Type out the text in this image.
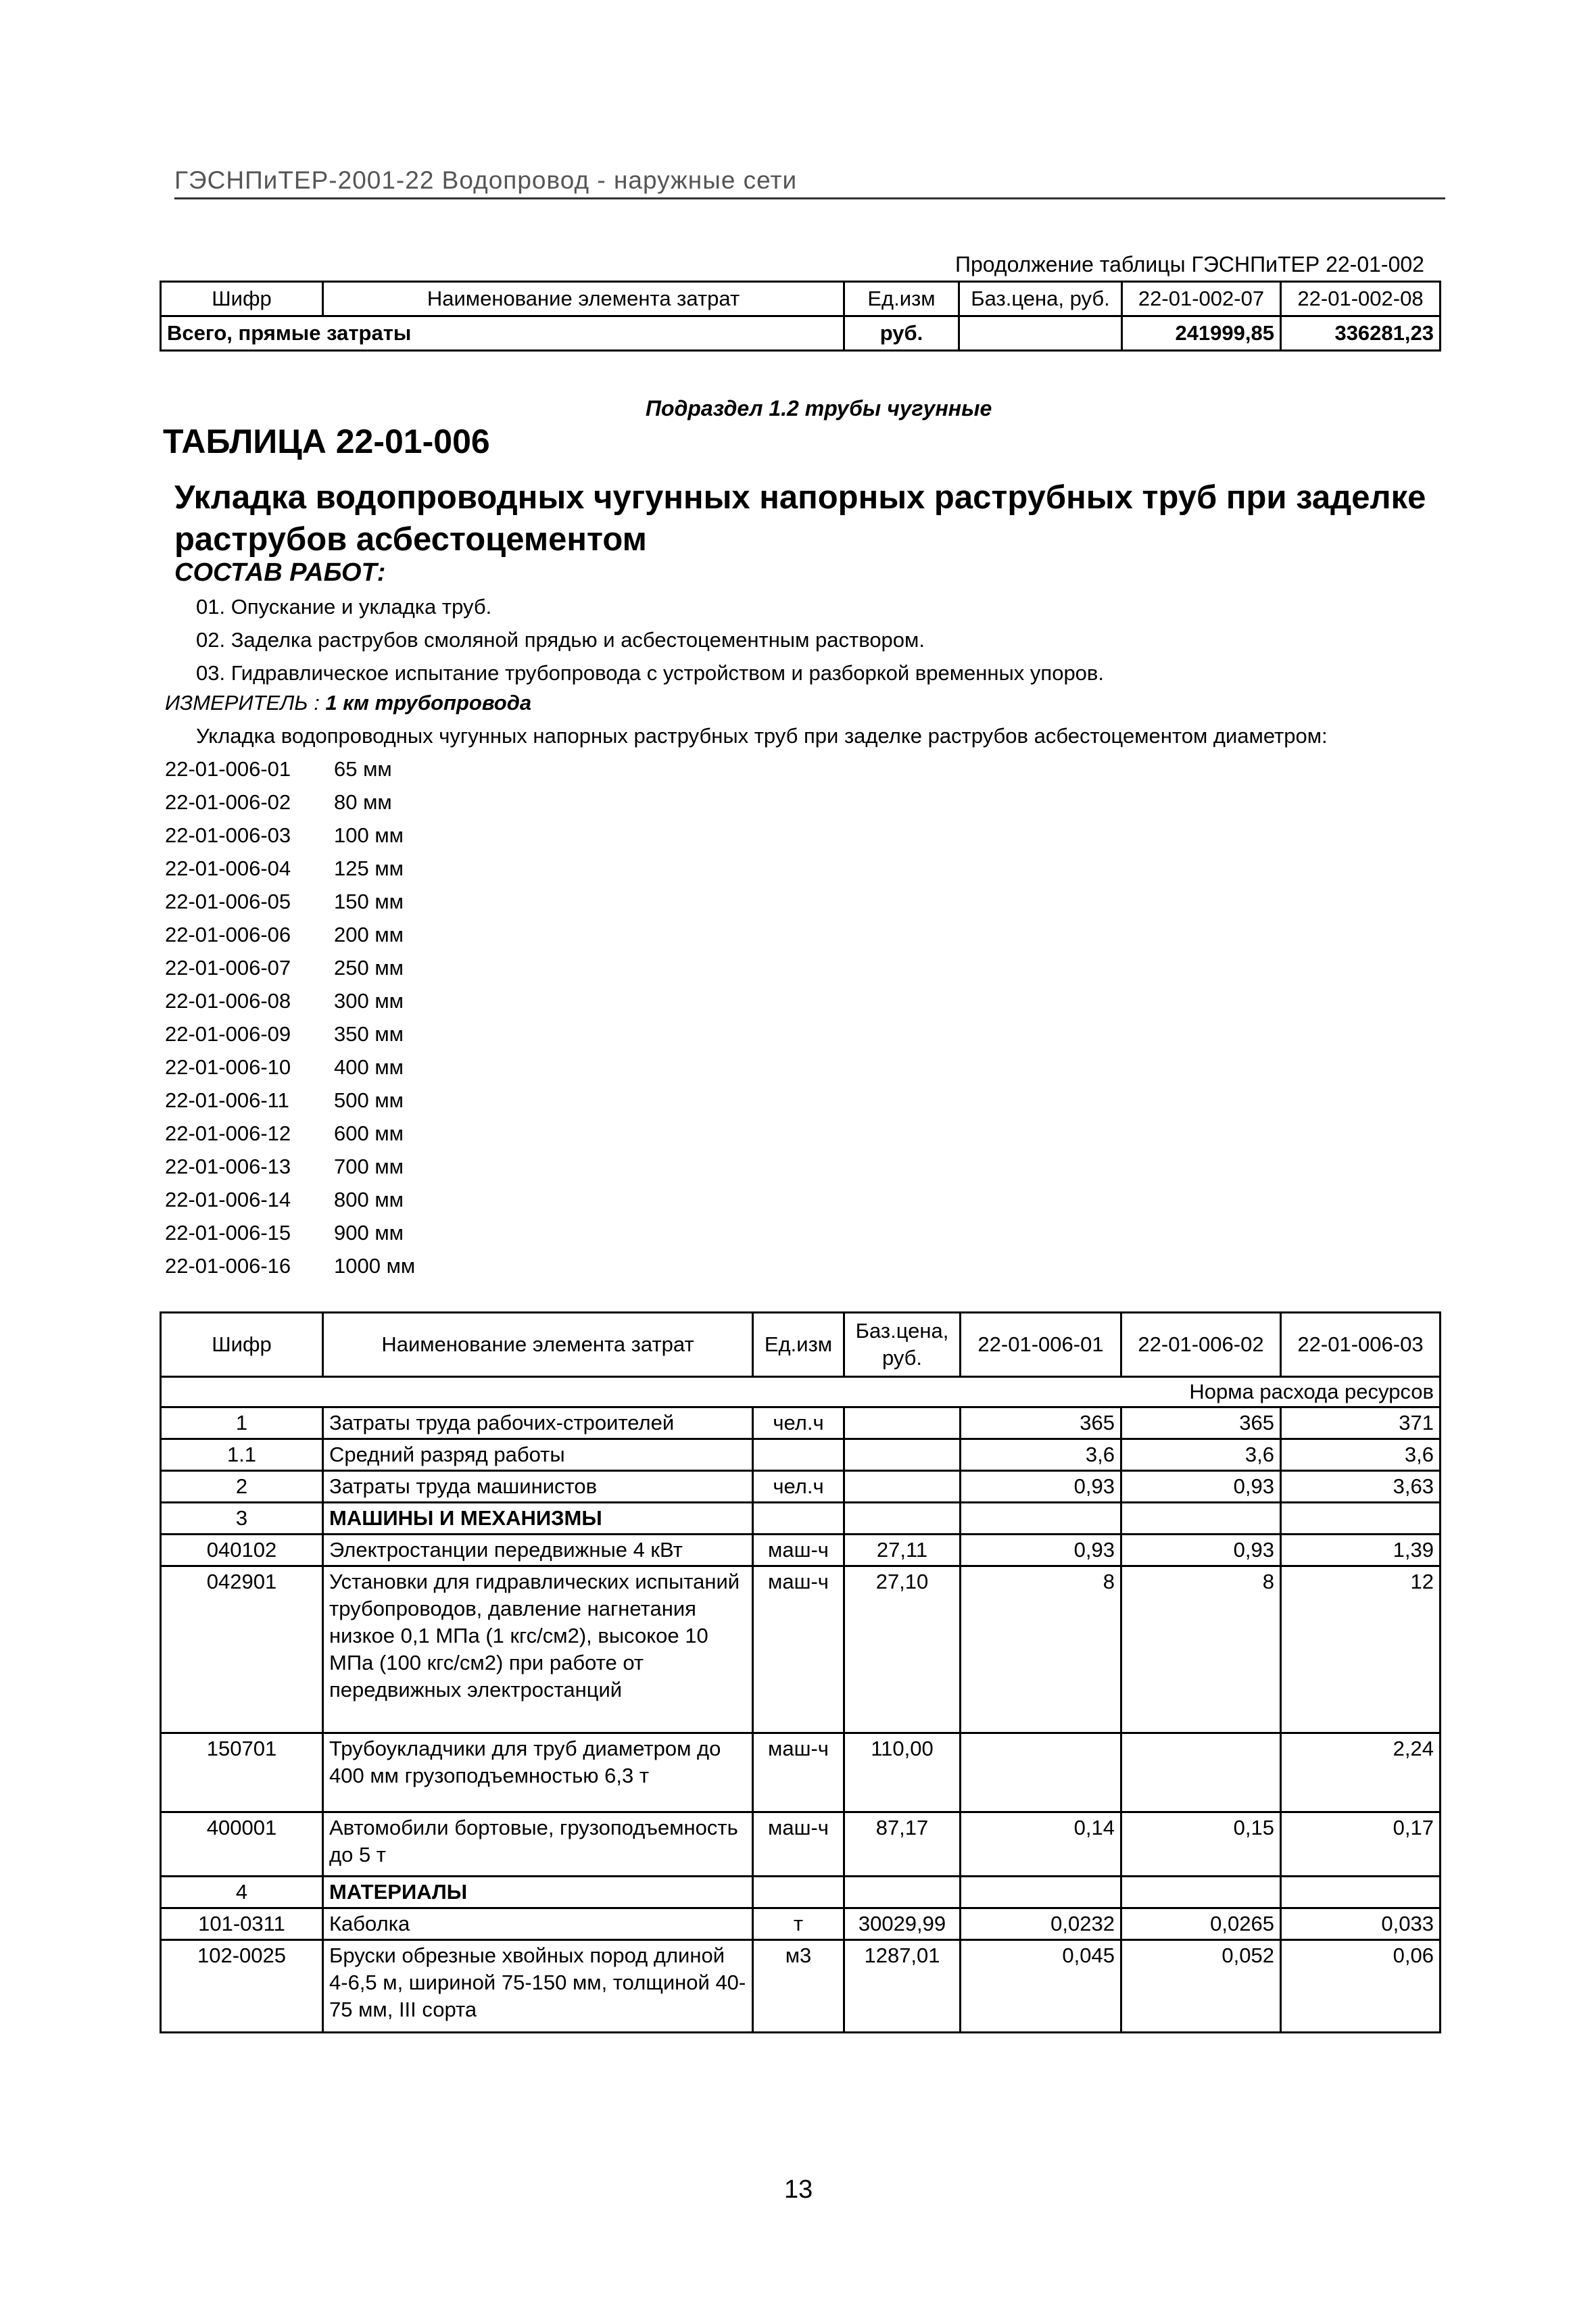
ГЭСНПиТЕР-2001-22 Водопровод - наружные сети
Продолжение таблицы ГЭСНПиТЕР 22-01-002
Шифр	Наименование элемента затрат	Ед.изм	Баз.цена, руб.	22-01-002-07	22-01-002-08
Всего, прямые затраты		руб.		241999,85	336281,23
Подраздел 1.2 трубы чугунные
ТАБЛИЦА 22-01-006
Укладка водопроводных чугунных напорных раструбных труб при заделке раструбов асбестоцементом
СОСТАВ РАБОТ:
01. Опускание и укладка труб.
02. Заделка раструбов смоляной прядью и асбестоцементным раствором.
03. Гидравлическое испытание трубопровода с устройством и разборкой временных упоров.
ИЗМЕРИТЕЛЬ : 1 км трубопровода
Укладка водопроводных чугунных напорных раструбных труб при заделке раструбов асбестоцементом диаметром:
22-01-006-01 65 мм
22-01-006-02 80 мм
22-01-006-03 100 мм
22-01-006-04 125 мм
22-01-006-05 150 мм
22-01-006-06 200 мм
22-01-006-07 250 мм
22-01-006-08 300 мм
22-01-006-09 350 мм
22-01-006-10 400 мм
22-01-006-11 500 мм
22-01-006-12 600 мм
22-01-006-13 700 мм
22-01-006-14 800 мм
22-01-006-15 900 мм
22-01-006-16 1000 мм
Шифр	Наименование элемента затрат	Ед.изм	Баз.цена, руб.	22-01-006-01	22-01-006-02	22-01-006-03
Норма расхода ресурсов						
1	Затраты труда рабочих-строителей	чел.ч		365	365	371
1.1	Средний разряд работы			3,6	3,6	3,6
2	Затраты труда машинистов	чел.ч		0,93	0,93	3,63
3	МАШИНЫ И МЕХАНИЗМЫ					
040102	Электростанции передвижные 4 кВт	маш-ч	27,11	0,93	0,93	1,39
042901	Установки для гидравлических испытаний трубопроводов, давление нагнетания низкое 0,1 МПа (1 кгс/см2), высокое 10 МПа (100 кгс/см2) при работе от передвижных электростанций	маш-ч	27,10	8	8	12
150701	Трубоукладчики для труб диаметром до 400 мм грузоподъемностью 6,3 т	маш-ч	110,00			2,24
400001	Автомобили бортовые, грузоподъемность до 5 т	маш-ч	87,17	0,14	0,15	0,17
4	МАТЕРИАЛЫ					
101-0311	Каболка	т	30029,99	0,0232	0,0265	0,033
102-0025	Бруски обрезные хвойных пород длиной 4-6,5 м, шириной 75-150 мм, толщиной 40-75 мм, III сорта	м3	1287,01	0,045	0,052	0,06
13
